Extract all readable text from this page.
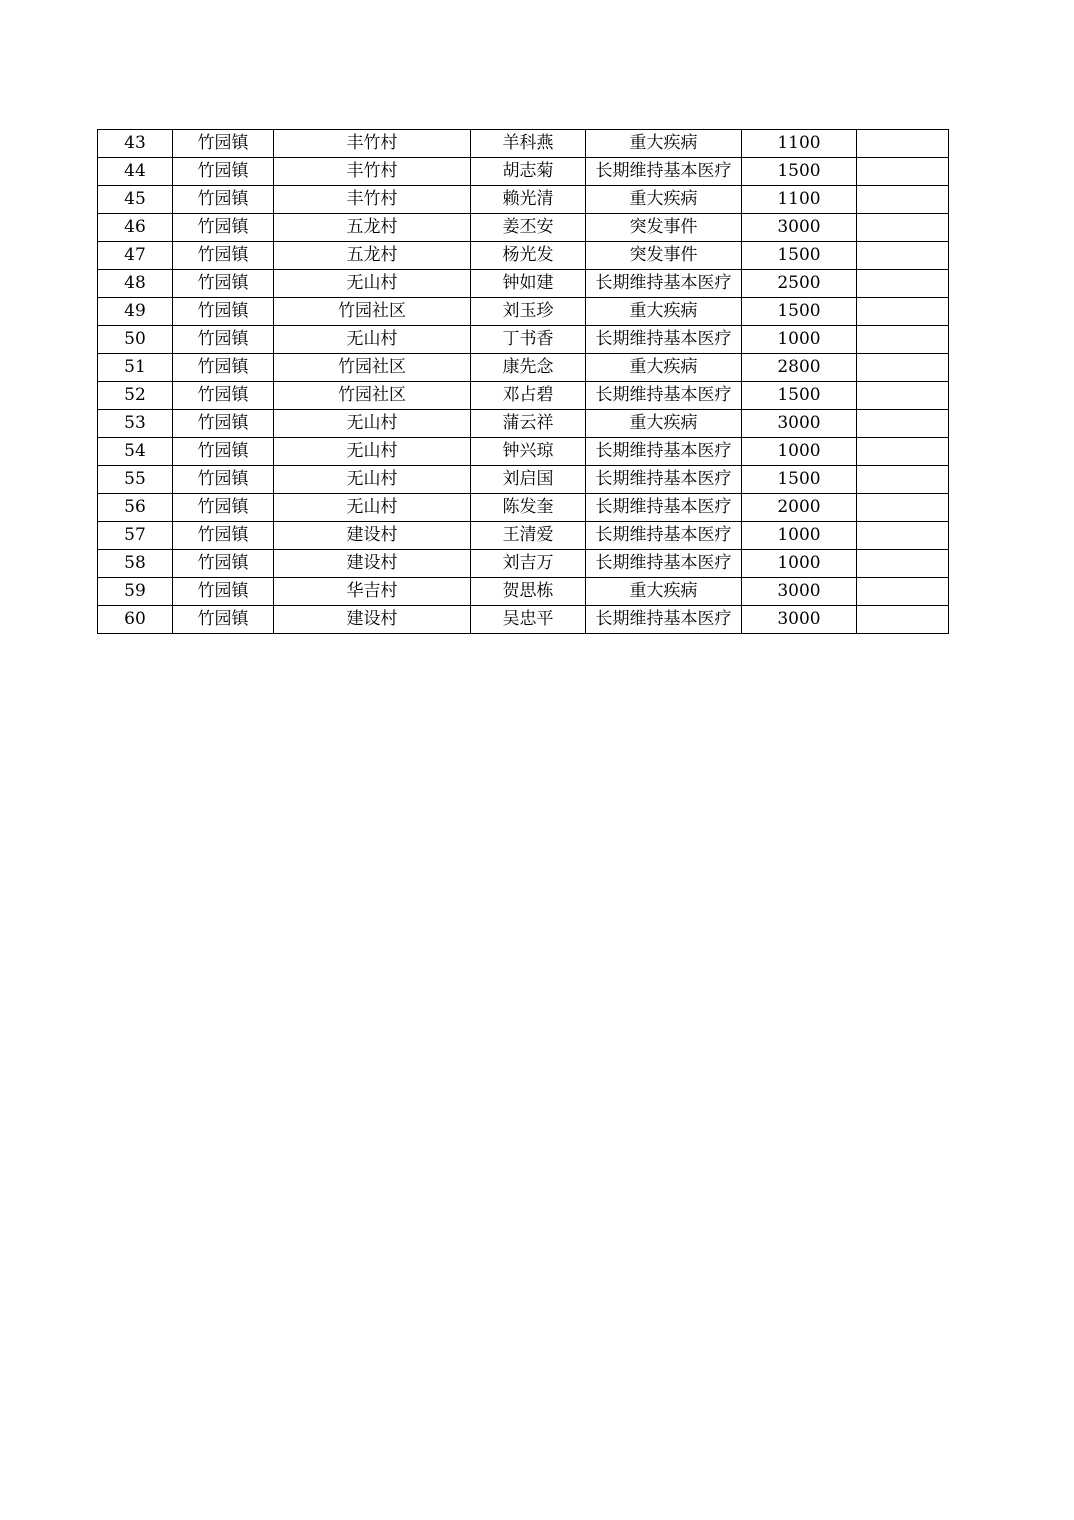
43	竹园镇	丰竹村	羊科燕	重大疾病	1100	
44	竹园镇	丰竹村	胡志菊	长期维持基本医疗	1500	
45	竹园镇	丰竹村	赖光清	重大疾病	1100	
46	竹园镇	五龙村	姜丕安	突发事件	3000	
47	竹园镇	五龙村	杨光发	突发事件	1500	
48	竹园镇	无山村	钟如建	长期维持基本医疗	2500	
49	竹园镇	竹园社区	刘玉珍	重大疾病	1500	
50	竹园镇	无山村	丁书香	长期维持基本医疗	1000	
51	竹园镇	竹园社区	康先念	重大疾病	2800	
52	竹园镇	竹园社区	邓占碧	长期维持基本医疗	1500	
53	竹园镇	无山村	蒲云祥	重大疾病	3000	
54	竹园镇	无山村	钟兴琼	长期维持基本医疗	1000	
55	竹园镇	无山村	刘启国	长期维持基本医疗	1500	
56	竹园镇	无山村	陈发奎	长期维持基本医疗	2000	
57	竹园镇	建设村	王清爱	长期维持基本医疗	1000	
58	竹园镇	建设村	刘吉万	长期维持基本医疗	1000	
59	竹园镇	华吉村	贺思栋	重大疾病	3000	
60	竹园镇	建设村	吴忠平	长期维持基本医疗	3000	
